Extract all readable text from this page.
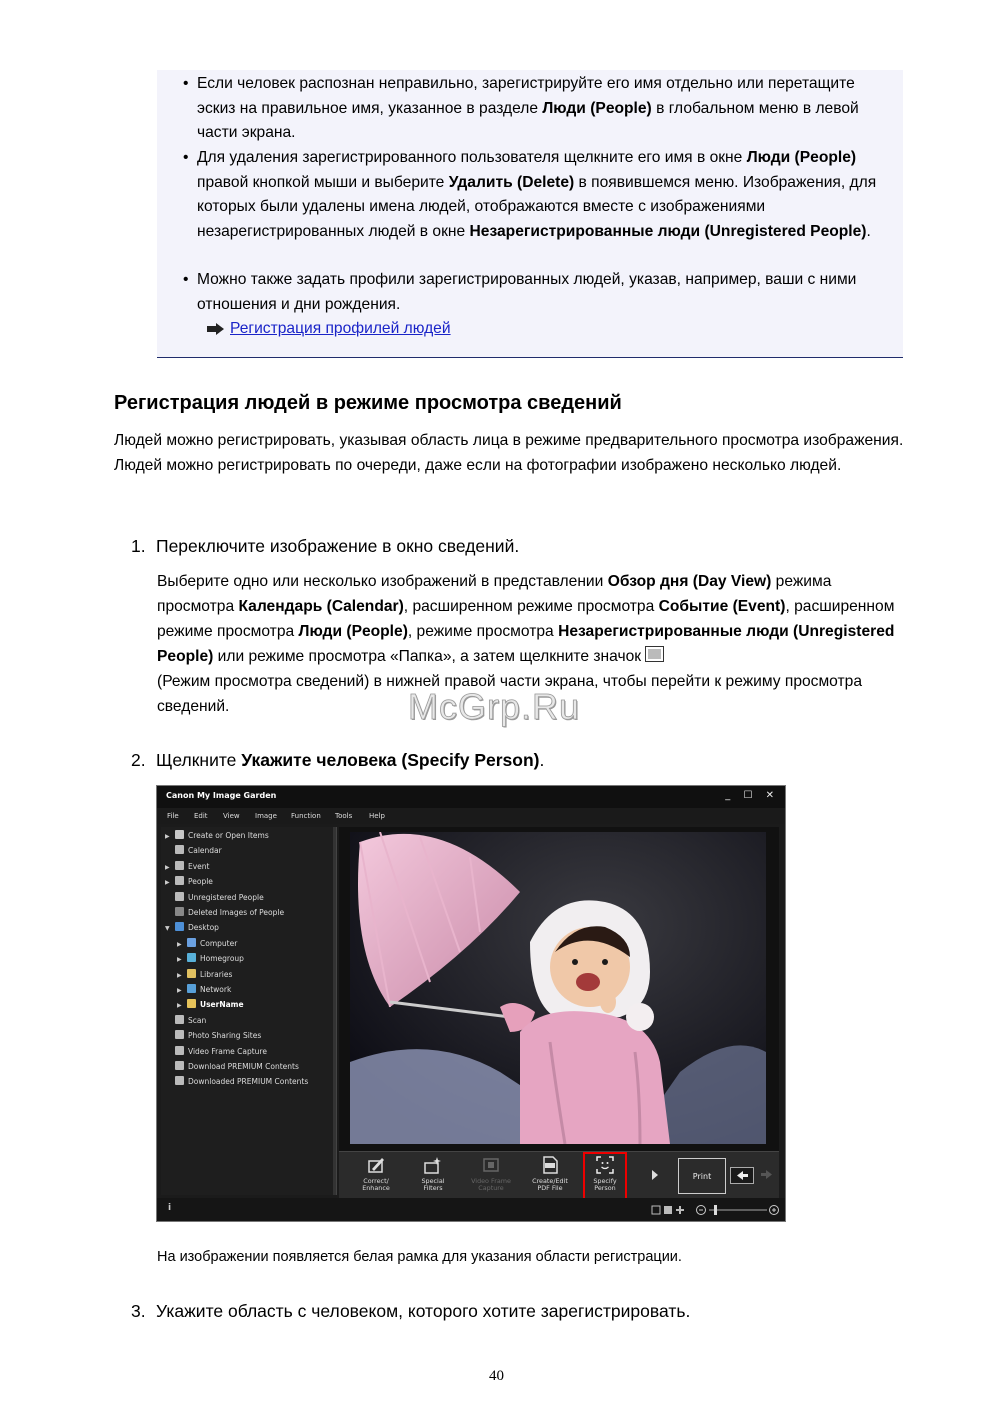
• Если человек распознан неправильно, зарегистрируйте его имя отдельно или перетащите эскиз на правильное имя, указанное в разделе Люди (People) в глобальном меню в левой части экрана.
• Для удаления зарегистрированного пользователя щелкните его имя в окне Люди (People) правой кнопкой мыши и выберите Удалить (Delete) в появившемся меню. Изображения, для которых были удалены имена людей, отображаются вместе с изображениями незарегистрированных людей в окне Незарегистрированные люди (Unregistered People).
• Можно также задать профили зарегистрированных людей, указав, например, ваши с ними отношения и дни рождения.
Регистрация профилей людей
Регистрация людей в режиме просмотра сведений
Людей можно регистрировать, указывая область лица в режиме предварительного просмотра изображения. Людей можно регистрировать по очереди, даже если на фотографии изображено несколько людей.
1. Переключите изображение в окно сведений.
Выберите одно или несколько изображений в представлении Обзор дня (Day View) режима просмотра Календарь (Calendar), расширенном режиме просмотра Событие (Event), расширенном режиме просмотра Люди (People), режиме просмотра Незарегистрированные люди (Unregistered People) или режиме просмотра «Папка», а затем щелкните значок
(Режим просмотра сведений) в нижней правой части экрана, чтобы перейти к режиму просмотра сведений.	McGrp.Ru
2. Щелкните Укажите человека (Specify Person).
Canon My Image Garden	_ ☐ ✕
File Edit View Image Function Tools Help
▶ Create or Open Items
Calendar
▶ Event
▶ People
Unregistered People
Deleted Images of People
▼ Desktop
▶ Computer
▶ Homegroup
▶ Libraries
▶ Network
▶ UserName
Scan
Photo Sharing Sites
Video Frame Capture
Download PREMIUM Contents
Downloaded PREMIUM Contents
Correct/
Enhance
Special
Filters
Video Frame
Capture
Create/Edit
PDF File
Specify
Person
Print
i
На изображении появляется белая рамка для указания области регистрации.
3. Укажите область с человеком, которого хотите зарегистрировать.
40
